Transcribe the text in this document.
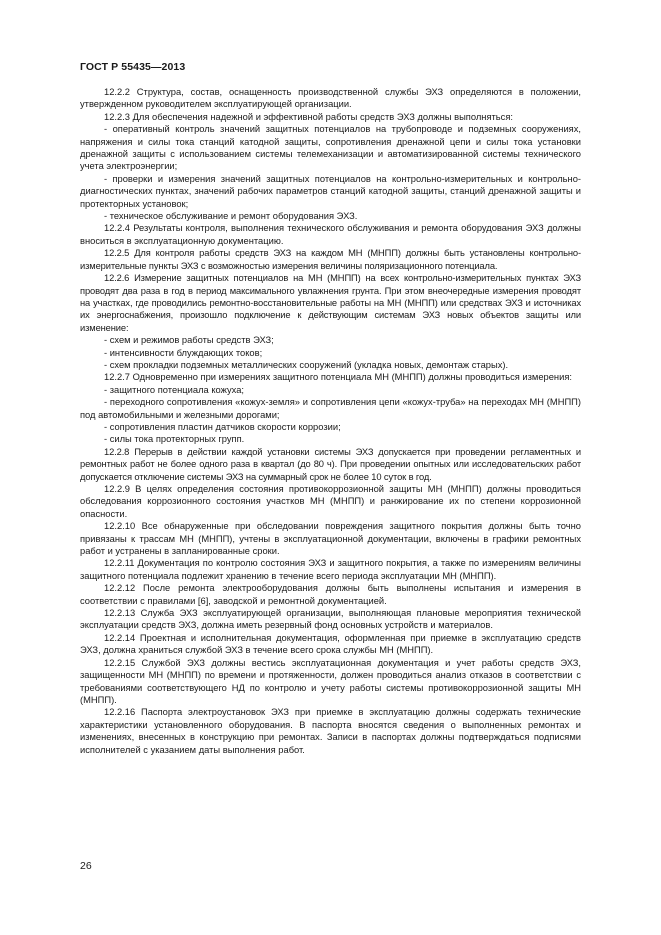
ГОСТ Р 55435—2013

12.2.2 Структура, состав, оснащенность производственной службы ЭХЗ определяются в положении, утвержденном руководителем эксплуатирующей организации.

12.2.3 Для обеспечения надежной и эффективной работы средств ЭХЗ должны выполняться:

- оперативный контроль значений защитных потенциалов на трубопроводе и подземных сооружениях, напряжения и силы тока станций катодной защиты, сопротивления дренажной цепи и силы тока установки дренажной защиты с использованием системы телемеханизации и автоматизированной системы технического учета электроэнергии;

- проверки и измерения значений защитных потенциалов на контрольно-измерительных и контрольно-диагностических пунктах, значений рабочих параметров станций катодной защиты, станций дренажной защиты и протекторных установок;

- техническое обслуживание и ремонт оборудования ЭХЗ.

12.2.4 Результаты контроля, выполнения технического обслуживания и ремонта оборудования ЭХЗ должны вноситься в эксплуатационную документацию.

12.2.5 Для контроля работы средств ЭХЗ на каждом МН (МНПП) должны быть установлены контрольно-измерительные пункты ЭХЗ с возможностью измерения величины поляризационного потенциала.

12.2.6 Измерение защитных потенциалов на МН (МНПП) на всех контрольно-измерительных пунктах ЭХЗ проводят два раза в год в период максимального увлажнения грунта. При этом внеочередные измерения проводят на участках, где проводились ремонтно-восстановительные работы на МН (МНПП) или средствах ЭХЗ и источниках их энергоснабжения, произошло подключение к действующим системам ЭХЗ новых объектов защиты или изменение:

- схем и режимов работы средств ЭХЗ;

- интенсивности блуждающих токов;

- схем прокладки подземных металлических сооружений (укладка новых, демонтаж старых).

12.2.7 Одновременно при измерениях защитного потенциала МН (МНПП) должны проводиться измерения:

- защитного потенциала кожуха;

- переходного сопротивления «кожух-земля» и сопротивления цепи «кожух-труба» на переходах МН (МНПП) под автомобильными и железными дорогами;

- сопротивления пластин датчиков скорости коррозии;

- силы тока протекторных групп.

12.2.8 Перерыв в действии каждой установки системы ЭХЗ допускается при проведении регламентных и ремонтных работ не более одного раза в квартал (до 80 ч). При проведении опытных или исследовательских работ допускается отключение системы ЭХЗ на суммарный срок не более 10 суток в год.

12.2.9 В целях определения состояния противокоррозионной защиты МН (МНПП) должны проводиться обследования коррозионного состояния участков МН (МНПП) и ранжирование их по степени коррозионной опасности.

12.2.10 Все обнаруженные при обследовании повреждения защитного покрытия должны быть точно привязаны к трассам МН (МНПП), учтены в эксплуатационной документации, включены в графики ремонтных работ и устранены в запланированные сроки.

12.2.11 Документация по контролю состояния ЭХЗ и защитного покрытия, а также по измерениям величины защитного потенциала подлежит хранению в течение всего периода эксплуатации МН (МНПП).

12.2.12 После ремонта электрооборудования должны быть выполнены испытания и измерения в соответствии с правилами [6], заводской и ремонтной документацией.

12.2.13 Служба ЭХЗ эксплуатирующей организации, выполняющая плановые мероприятия технической эксплуатации средств ЭХЗ, должна иметь резервный фонд основных устройств и материалов.

12.2.14 Проектная и исполнительная документация, оформленная при приемке в эксплуатацию средств ЭХЗ, должна храниться службой ЭХЗ в течение всего срока службы МН (МНПП).

12.2.15 Службой ЭХЗ должны вестись эксплуатационная документация и учет работы средств ЭХЗ, защищенности МН (МНПП) по времени и протяженности, должен проводиться анализ отказов в соответствии с требованиями соответствующего НД по контролю и учету работы системы противокоррозионной защиты МН (МНПП).

12.2.16 Паспорта электроустановок ЭХЗ при приемке в эксплуатацию должны содержать технические характеристики установленного оборудования. В паспорта вносятся сведения о выполненных ремонтах и изменениях, внесенных в конструкцию при ремонтах. Записи в паспортах должны подтверждаться подписями исполнителей с указанием даты выполнения работ.

26
